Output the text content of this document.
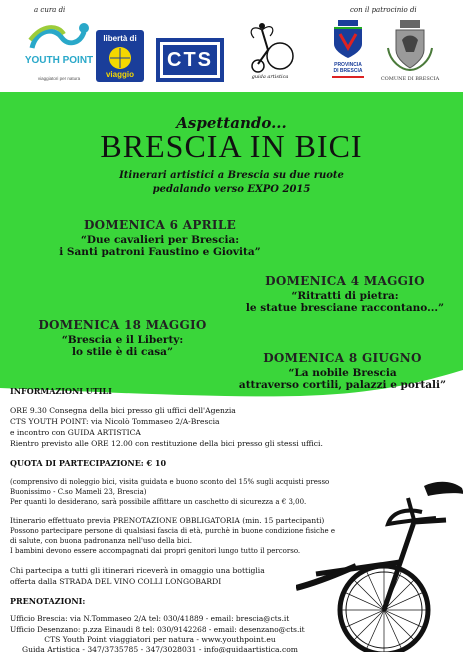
a cura di	con il patrocinio di
YOUTH POINT
viaggiatori per natura
libertà di
viaggio
CTS
guida artistica
PROVINCIA
DI BRESCIA
COMUNE DI BRESCIA
Aspettando...
BRESCIA IN BICI
Itinerari artistici a Brescia su due ruote
pedalando verso EXPO 2015
DOMENICA 6 APRILE
“Due cavalieri per Brescia:
i Santi patroni Faustino e Giovita”
DOMENICA 4 MAGGIO
“Ritratti di pietra:
le statue bresciane raccontano...”
DOMENICA 18 MAGGIO
“Brescia e il Liberty:
lo stile è di casa”	DOMENICA 8 GIUGNO
“La nobile Brescia
attraverso cortili, palazzi e portali”
INFORMAZIONI UTILI
ORE 9.30 Consegna della bici presso gli uffici dell'Agenzia
CTS YOUTH POINT: via Nicolò Tommaseo 2/A-Brescia
e incontro con GUIDA ARTISTICA
Rientro previsto alle ORE 12.00 con restituzione della bici presso gli stessi uffici.
QUOTA DI PARTECIPAZIONE: € 10
(comprensivo di noleggio bici, visita guidata e buono sconto del 15% sugli acquisti presso
Buonissimo - C.so Mameli 23, Brescia)
Per quanti lo desiderano, sarà possibile affittare un caschetto di sicurezza a € 3,00.
Itinerario effettuato previa PRENOTAZIONE OBBLIGATORIA (min. 15 partecipanti)
Possono partecipare persone di qualsiasi fascia di età, purchè in buone condizione fisiche e
di salute, con buona padronanza nell'uso della bici.
I bambini devono essere accompagnati dai propri genitori lungo tutto il percorso.
Chi partecipa a tutti gli itinerari riceverà in omaggio una bottiglia
offerta dalla STRADA DEL VINO COLLI LONGOBARDI
PRENOTAZIONI:
Ufficio Brescia: via N.Tommaseo 2/A tel: 030/41889 - email: brescia@cts.it
Ufficio Desenzano: p.zza Einaudi 8 tel: 030/9142268 - email: desenzano@cts.it
CTS Youth Point viaggiatori per natura - www.youthpoint.eu
Guida Artistica - 347/3735785 - 347/3028031 - info@guidaartistica.com
